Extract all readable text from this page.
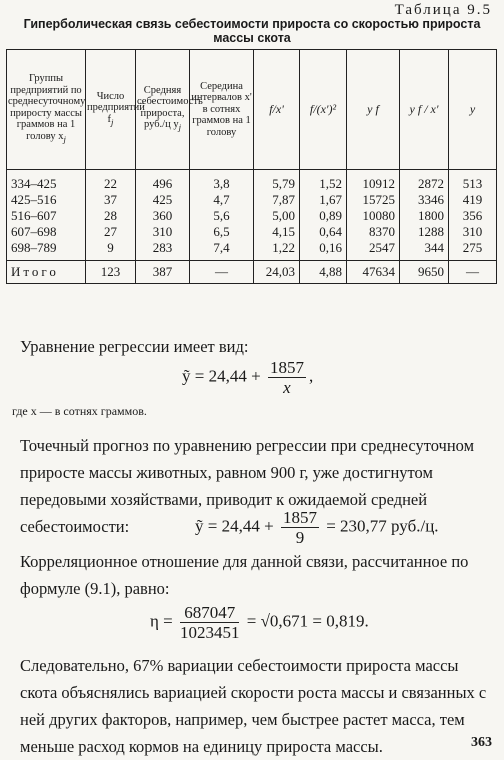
Таблица 9.5
Гиперболическая связь себестоимости прироста со скоростью прироста массы скота
Группы предприятий по среднесуточному приросту массы граммов на 1 голову $x_j$	Число предприятий $f_j$	Средняя себестоимость прироста, руб./ц $y_j$	Середина интервалов x' в сотнях граммов на 1 голову	f/x'	f/(x')²	y f	y f / x'	y
334–425	22	496	3,8	5,79	1,52	10912	2872	513
425–516	37	425	4,7	7,87	1,67	15725	3346	419
516–607	28	360	5,6	5,00	0,89	10080	1800	356
607–698	27	310	6,5	4,15	0,64	8370	1288	310
698–789	9	283	7,4	1,22	0,16	2547	344	275
Итого	123	387	—	24,03	4,88	47634	9650	—
Уравнение регрессии имеет вид:
ỹ = $24,44 + \frac{1857}{x}$ ,
где x — в сотнях граммов.
Точечный прогноз по уравнению регрессии при среднесуточном приросте массы животных, равном 900 г, уже достигнутом передовыми хозяйствами, приводит к ожидаемой средней себестоимости:	ỹ = $24,44 + \frac{1857}{9} = 230,77$ руб./ц.
Корреляционное отношение для данной связи, рассчитанное по формуле (9.1), равно:
$\eta = \frac{687047}{1023451} = √0,671 = 0,819$.
Следовательно, 67% вариации себестоимости прироста массы скота объяснялись вариацией скорости роста массы и связанных с ней других факторов, например, чем быстрее растет масса, тем меньше расход кормов на единицу прироста массы.	363
